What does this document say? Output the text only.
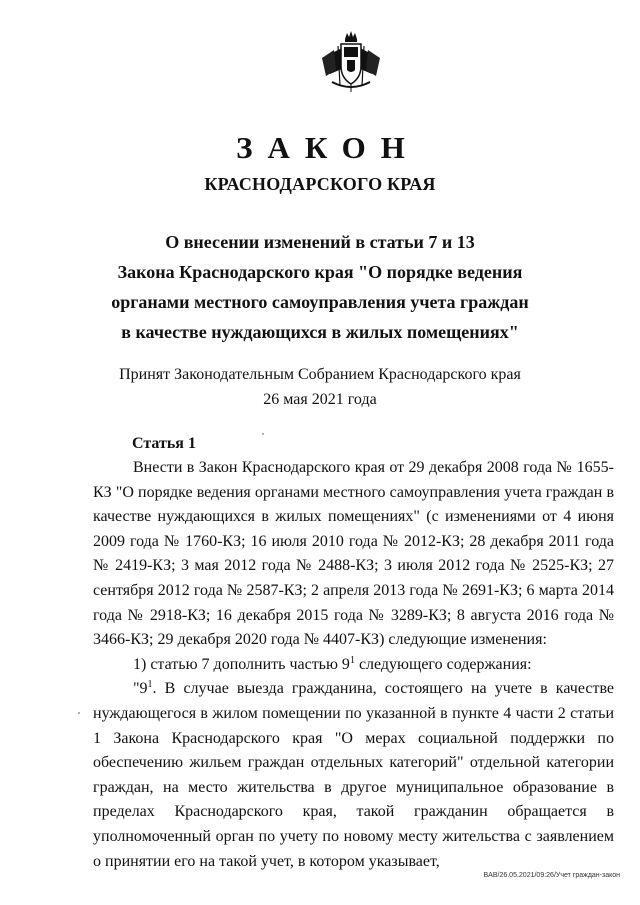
ЗАКОН
КРАСНОДАРСКОГО КРАЯ
О внесении изменений в статьи 7 и 13
Закона Краснодарского края "О порядке ведения
органами местного самоуправления учета граждан
в качестве нуждающихся в жилых помещениях"
Принят Законодательным Собранием Краснодарского края
26 мая 2021 года
Статья 1

Внести в Закон Краснодарского края от 29 декабря 2008 года № 1655-КЗ "О порядке ведения органами местного самоуправления учета граждан в качестве нуждающихся в жилых помещениях" (с изменениями от 4 июня 2009 года № 1760-КЗ; 16 июля 2010 года № 2012-КЗ; 28 декабря 2011 года № 2419-КЗ; 3 мая 2012 года № 2488-КЗ; 3 июля 2012 года № 2525-КЗ; 27 сентября 2012 года № 2587-КЗ; 2 апреля 2013 года № 2691-КЗ; 6 марта 2014 года № 2918-КЗ; 16 декабря 2015 года № 3289-КЗ; 8 августа 2016 года № 3466-КЗ; 29 декабря 2020 года № 4407-КЗ) следующие изменения:

1) статью 7 дополнить частью $9^1$ следующего содержания:

"$9^1$. В случае выезда гражданина, состоящего на учете в качестве нуждающегося в жилом помещении по указанной в пункте 4 части 2 статьи 1 Закона Краснодарского края "О мерах социальной поддержки по обеспечению жильем граждан отдельных категорий" отдельной категории граждан, на место жительства в другое муниципальное образование в пределах Краснодарского края, такой гражданин обращается в уполномоченный орган по учету по новому месту жительства с заявлением о принятии его на такой учет, в котором указывает,

BAB/26.05.2021/09:26/Учет граждан-закон
